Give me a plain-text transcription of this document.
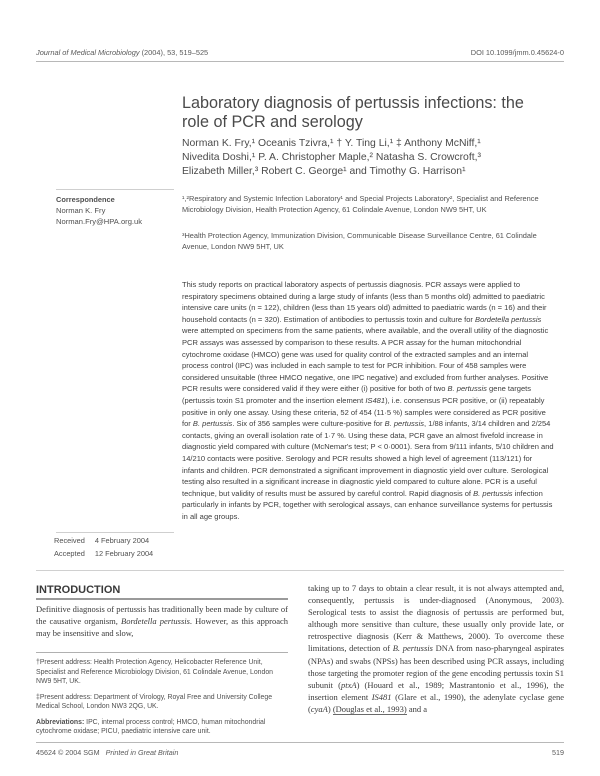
Journal of Medical Microbiology (2004), 53, 519–525	DOI 10.1099/jmm.0.45624-0
Laboratory diagnosis of pertussis infections: the role of PCR and serology
Norman K. Fry,¹ Oceanis Tzivra,¹ † Y. Ting Li,¹ ‡ Anthony McNiff,¹
Nivedita Doshi,¹ P. A. Christopher Maple,² Natasha S. Crowcroft,³
Elizabeth Miller,³ Robert C. George¹ and Timothy G. Harrison¹
Correspondence
Norman K. Fry
Norman.Fry@HPA.org.uk
¹,²Respiratory and Systemic Infection Laboratory¹ and Special Projects Laboratory², Specialist and Reference Microbiology Division, Health Protection Agency, 61 Colindale Avenue, London NW9 5HT, UK
³Health Protection Agency, Immunization Division, Communicable Disease Surveillance Centre, 61 Colindale Avenue, London NW9 5HT, UK

This study reports on practical laboratory aspects of pertussis diagnosis. PCR assays were applied to respiratory specimens obtained during a large study of infants (less than 5 months old) admitted to paediatric intensive care units (n = 122), children (less than 15 years old) admitted to paediatric wards (n = 16) and their household contacts (n = 320). Estimation of antibodies to pertussis toxin and culture for Bordetella pertussis were attempted on specimens from the same patients, where available, and the overall utility of the diagnostic PCR assays was assessed by comparison to these results. A PCR assay for the human mitochondrial cytochrome oxidase (HMCO) gene was used for quality control of the extracted samples and an internal process control (IPC) was included in each sample to test for PCR inhibition. Four of 458 samples were considered unsuitable (three HMCO negative, one IPC negative) and excluded from further analyses. Positive PCR results were considered valid if they were either (i) positive for both of two B. pertussis gene targets (pertussis toxin S1 promoter and the insertion element IS481), i.e. consensus PCR positive, or (ii) repeatably positive in only one assay. Using these criteria, 52 of 454 (11·5 %) samples were considered as PCR positive for B. pertussis. Six of 356 samples were culture-positive for B. pertussis, 1/88 infants, 3/14 children and 2/254 contacts, giving an overall isolation rate of 1·7 %. Using these data, PCR gave an almost fivefold increase in diagnostic yield compared with culture (McNemar's test; P < 0·0001). Sera from 9/111 infants, 5/10 children and 14/210 contacts were positive. Serology and PCR results showed a high level of agreement (113/121) for infants and children. PCR demonstrated a significant improvement in diagnostic yield over culture. Serological testing also resulted in a significant increase in diagnostic yield compared to culture alone. PCR is a useful technique, but validity of results must be assured by careful control. Rapid diagnosis of B. pertussis infection particularly in infants by PCR, together with serological assays, can enhance surveillance systems for pertussis in all age groups.

Received	4 February 2004
Accepted	12 February 2004
INTRODUCTION

Definitive diagnosis of pertussis has traditionally been made by culture of the causative organism, Bordetella pertussis. However, as this approach may be insensitive and slow,

†Present address: Health Protection Agency, Helicobacter Reference Unit, Specialist and Reference Microbiology Division, 61 Colindale Avenue, London NW9 5HT, UK.

‡Present address: Department of Virology, Royal Free and University College Medical School, London NW3 2QG, UK.

Abbreviations: IPC, internal process control; HMCO, human mitochondrial cytochrome oxidase; PICU, paediatric intensive care unit.

taking up to 7 days to obtain a clear result, it is not always attempted and, consequently, pertussis is under-diagnosed (Anonymous, 2003). Serological tests to assist the diagnosis of pertussis are performed but, although more sensitive than culture, these usually only provide late, or retrospective diagnosis (Kerr & Matthews, 2000). To overcome these limitations, detection of B. pertussis DNA from naso-pharyngeal aspirates (NPAs) and swabs (NPSs) has been described using PCR assays, including those targeting the promoter region of the gene encoding pertussis toxin S1 subunit (ptxA) (Houard et al., 1989; Mastrantonio et al., 1996), the insertion element IS481 (Glare et al., 1990), the adenylate cyclase gene (cyaA) (Douglas et al., 1993) and a

45624 © 2004 SGM Printed in Great Britain	519
